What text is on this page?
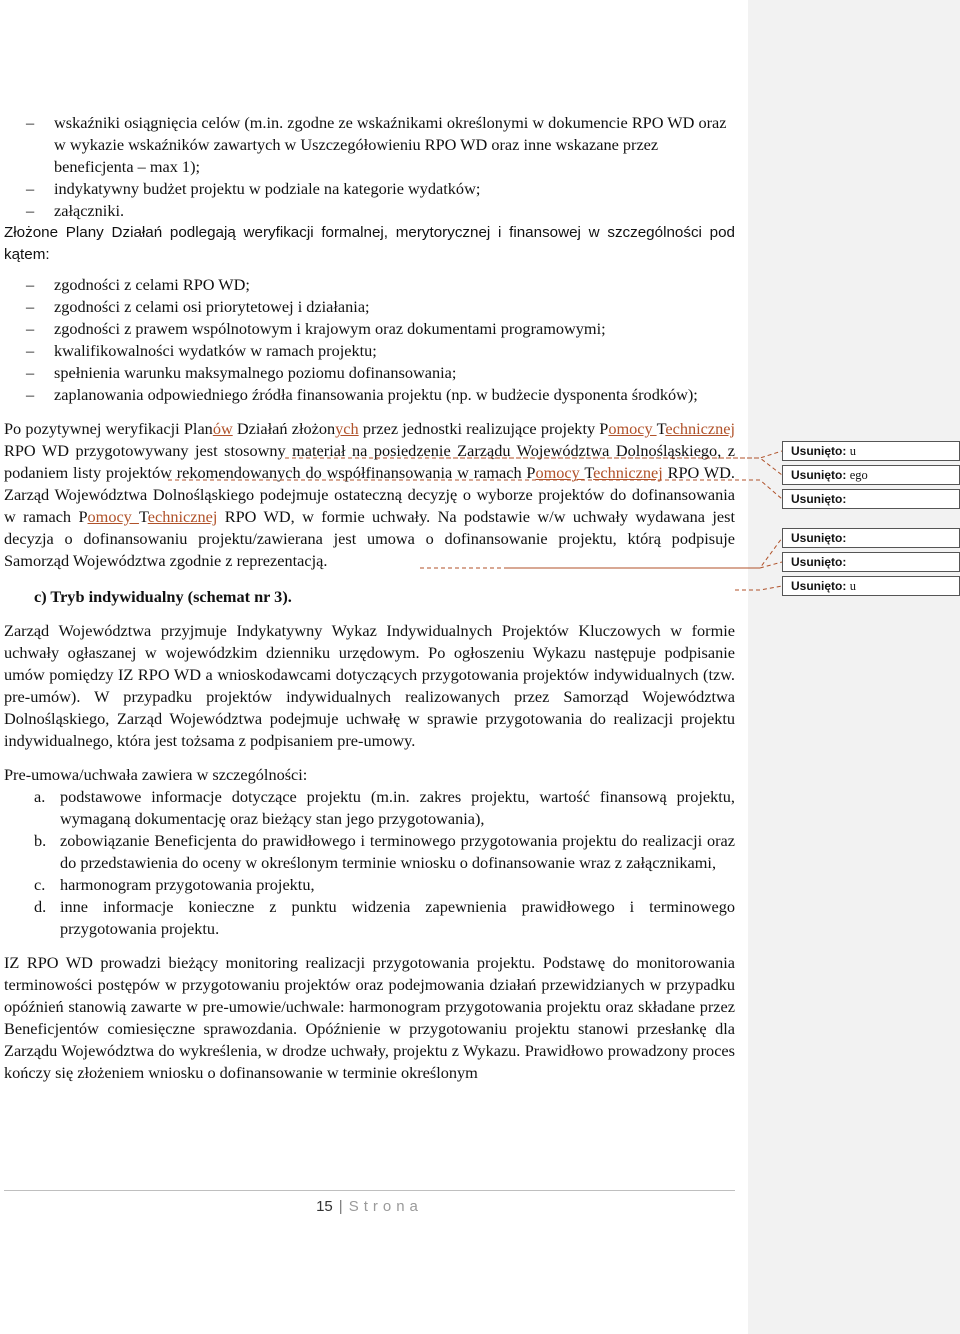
– wskaźniki osiągnięcia celów (m.in. zgodne ze wskaźnikami określonymi w dokumencie RPO WD oraz w wykazie wskaźników zawartych w Uszczegółowieniu RPO WD oraz inne wskazane przez beneficjenta – max 1);
– indykatywny budżet projektu w podziale na kategorie wydatków;
– załączniki.

Złożone Plany Działań podlegają weryfikacji formalnej, merytorycznej i finansowej w szczególności pod kątem:

– zgodności z celami RPO WD;
– zgodności z celami osi priorytetowej i działania;
– zgodności z prawem wspólnotowym i krajowym oraz dokumentami programowymi;
– kwalifikowalności wydatków w ramach projektu;
– spełnienia warunku maksymalnego poziomu dofinansowania;
– zaplanowania odpowiedniego źródła finansowania projektu (np. w budżecie dysponenta środków);

Po pozytywnej weryfikacji Planów Działań złożonych przez jednostki realizujące projekty Pomocy Technicznej RPO WD przygotowywany jest stosowny materiał na posiedzenie Zarządu Województwa Dolnośląskiego, z podaniem listy projektów rekomendowanych do współfinansowania w ramach Pomocy Technicznej RPO WD. Zarząd Województwa Dolnośląskiego podejmuje ostateczną decyzję o wyborze projektów do dofinansowania w ramach Pomocy Technicznej RPO WD, w formie uchwały. Na podstawie w/w uchwały wydawana jest decyzja o dofinansowaniu projektu/zawierana jest umowa o dofinansowanie projektu, którą podpisuje Samorząd Województwa zgodnie z reprezentacją.

c) Tryb indywidualny (schemat nr 3).

Zarząd Województwa przyjmuje Indykatywny Wykaz Indywidualnych Projektów Kluczowych w formie uchwały ogłaszanej w wojewódzkim dzienniku urzędowym. Po ogłoszeniu Wykazu następuje podpisanie umów pomiędzy IZ RPO WD a wnioskodawcami dotyczących przygotowania projektów indywidualnych (tzw. pre-umów). W przypadku projektów indywidualnych realizowanych przez Samorząd Województwa Dolnośląskiego, Zarząd Województwa podejmuje uchwałę w sprawie przygotowania do realizacji projektu indywidualnego, która jest tożsama z podpisaniem pre-umowy.

Pre-umowa/uchwała zawiera w szczególności:

a. podstawowe informacje dotyczące projektu (m.in. zakres projektu, wartość finansową projektu, wymaganą dokumentację oraz bieżący stan jego przygotowania),
b. zobowiązanie Beneficjenta do prawidłowego i terminowego przygotowania projektu do realizacji oraz do przedstawienia do oceny w określonym terminie wniosku o dofinansowanie wraz z załącznikami,
c. harmonogram przygotowania projektu,
d. inne informacje konieczne z punktu widzenia zapewnienia prawidłowego i terminowego przygotowania projektu.

IZ RPO WD prowadzi bieżący monitoring realizacji przygotowania projektu. Podstawę do monitorowania terminowości postępów w przygotowaniu projektów oraz podejmowania działań przewidzianych w przypadku opóźnień stanowią zawarte w pre-umowie/uchwale: harmonogram przygotowania projektu oraz składane przez Beneficjentów comiesięczne sprawozdania. Opóźnienie w przygotowaniu projektu stanowi przesłankę dla Zarządu Województwa do wykreślenia, w drodze uchwały, projektu z Wykazu. Prawidłowo prowadzony proces kończy się złożeniem wniosku o dofinansowanie w terminie określonym

15 | Strona
Usunięto: u
Usunięto: ego
Usunięto:
Usunięto:
Usunięto:
Usunięto: u
